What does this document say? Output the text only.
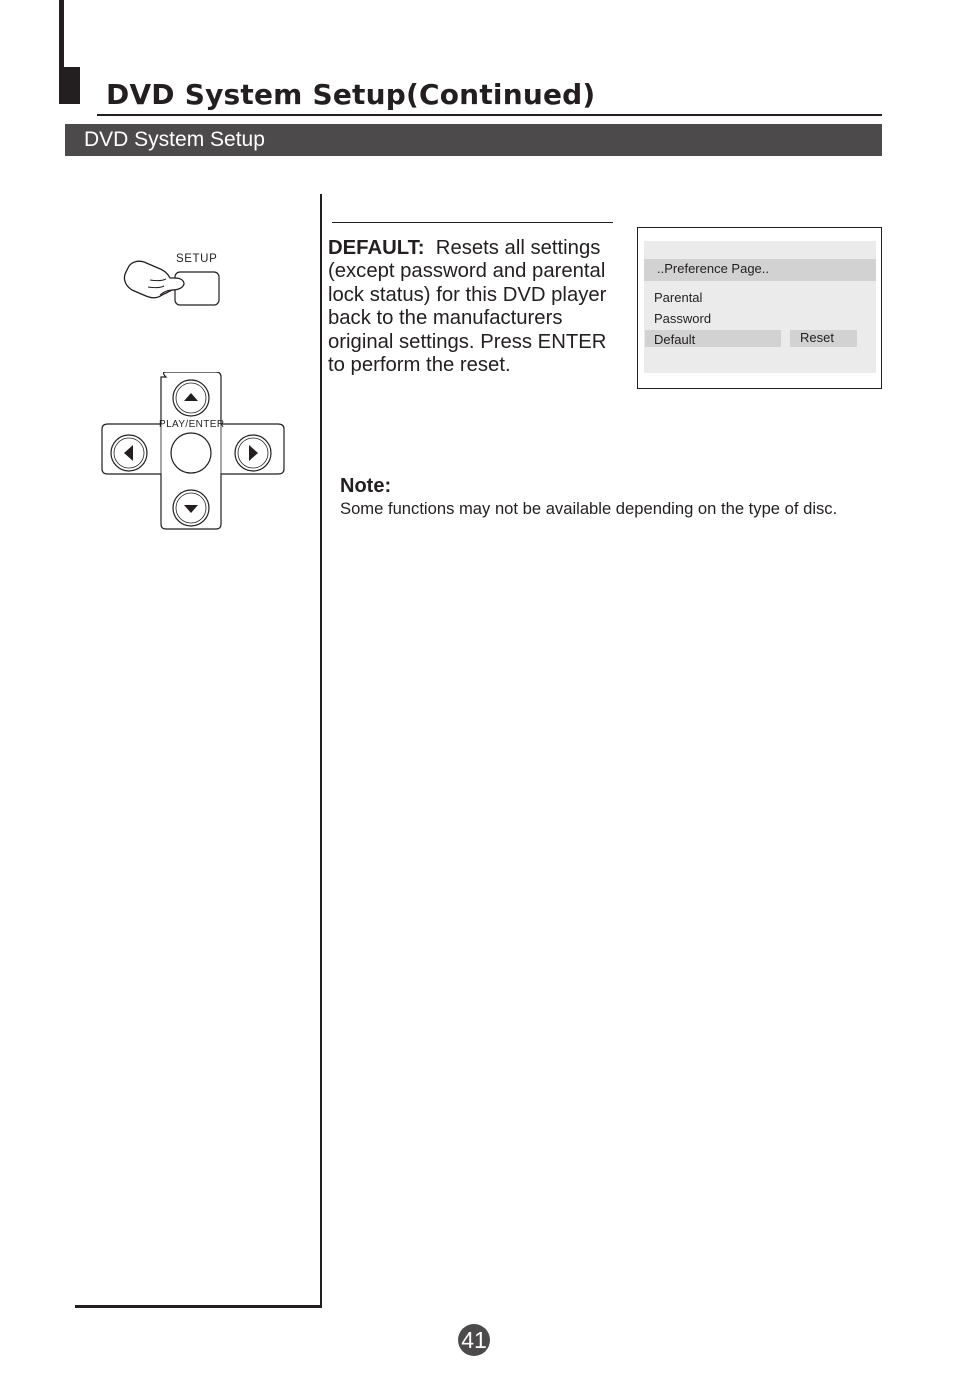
DVD System Setup(Continued)
DVD System Setup
SETUP
PLAY/ENTER
DEFAULT: Resets all settings (except password and parental lock status) for this DVD player back to the manufacturers original settings. Press ENTER to perform the reset.
..Preference Page..
Parental
Password
Default	Reset
Note:
Some functions may not be available depending on the type of disc.
41
